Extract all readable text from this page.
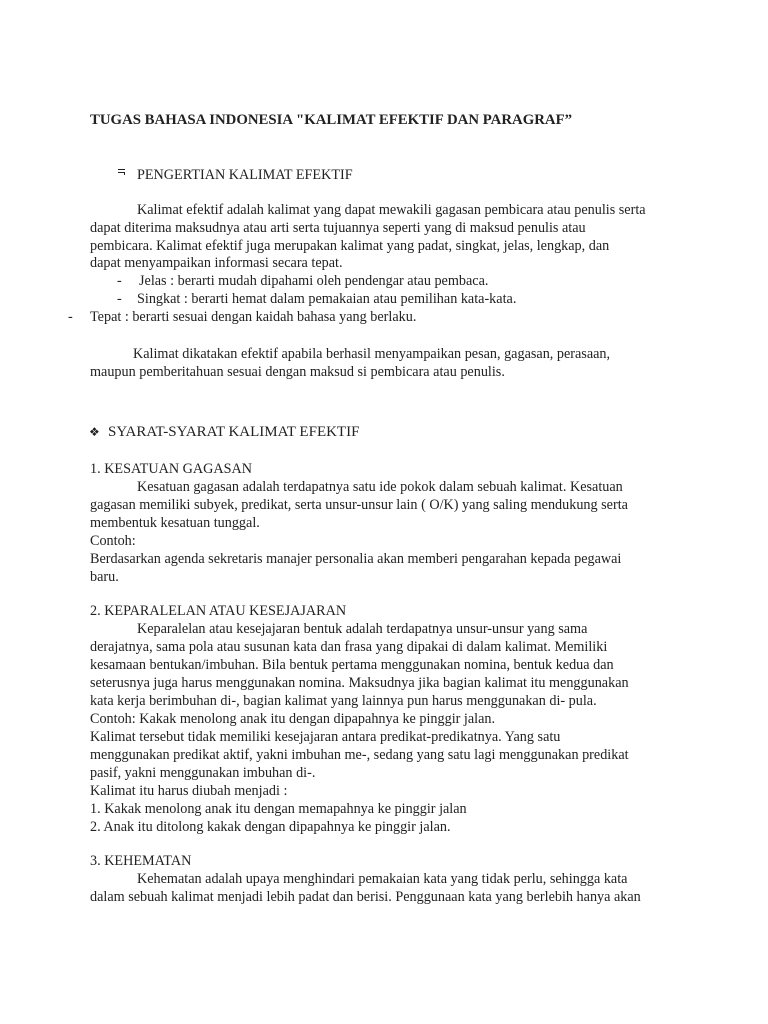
TUGAS BAHASA INDONESIA "KALIMAT EFEKTIF DAN PARAGRAF”
PENGERTIAN KALIMAT EFEKTIF
Kalimat efektif adalah kalimat yang dapat mewakili gagasan pembicara atau penulis serta
dapat diterima maksudnya atau arti serta tujuannya seperti yang di maksud penulis atau
pembicara. Kalimat efektif juga merupakan kalimat yang padat, singkat, jelas, lengkap, dan
dapat menyampaikan informasi secara tepat.
- Jelas : berarti mudah dipahami oleh pendengar atau pembaca.
- Singkat : berarti hemat dalam pemakaian atau pemilihan kata-kata.
- Tepat : berarti sesuai dengan kaidah bahasa yang berlaku.
Kalimat dikatakan efektif apabila berhasil menyampaikan pesan, gagasan, perasaan,
maupun pemberitahuan sesuai dengan maksud si pembicara atau penulis.
❖
SYARAT-SYARAT KALIMAT EFEKTIF
1. KESATUAN GAGASAN
Kesatuan gagasan adalah terdapatnya satu ide pokok dalam sebuah kalimat. Kesatuan
gagasan memiliki subyek, predikat, serta unsur-unsur lain ( O/K) yang saling mendukung serta
membentuk kesatuan tunggal.
Contoh:
Berdasarkan agenda sekretaris manajer personalia akan memberi pengarahan kepada pegawai
baru.
2. KEPARALELAN ATAU KESEJAJARAN
Keparalelan atau kesejajaran bentuk adalah terdapatnya unsur-unsur yang sama
derajatnya, sama pola atau susunan kata dan frasa yang dipakai di dalam kalimat. Memiliki
kesamaan bentukan/imbuhan. Bila bentuk pertama menggunakan nomina, bentuk kedua dan
seterusnya juga harus menggunakan nomina. Maksudnya jika bagian kalimat itu menggunakan
kata kerja berimbuhan di-, bagian kalimat yang lainnya pun harus menggunakan di- pula.
Contoh: Kakak menolong anak itu dengan dipapahnya ke pinggir jalan.
Kalimat tersebut tidak memiliki kesejajaran antara predikat-predikatnya. Yang satu
menggunakan predikat aktif, yakni imbuhan me-, sedang yang satu lagi menggunakan predikat
pasif, yakni menggunakan imbuhan di-.
Kalimat itu harus diubah menjadi :
1. Kakak menolong anak itu dengan memapahnya ke pinggir jalan
2. Anak itu ditolong kakak dengan dipapahnya ke pinggir jalan.
3. KEHEMATAN
Kehematan adalah upaya menghindari pemakaian kata yang tidak perlu, sehingga kata
dalam sebuah kalimat menjadi lebih padat dan berisi. Penggunaan kata yang berlebih hanya akan
